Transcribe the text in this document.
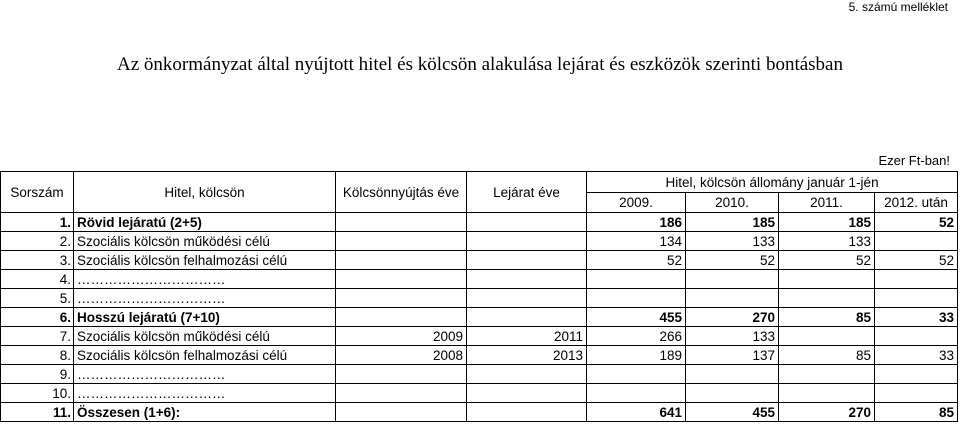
5. számú melléklet
Az önkormányzat által nyújtott hitel és kölcsön alakulása lejárat és eszközök szerinti bontásban
Ezer Ft-ban!
Sorszám	Hitel, kölcsön	Kölcsönnyújtás éve	Lejárat éve	Hitel, kölcsön állomány január 1-jén			
				2009.	2010.	2011.	2012. után
1.	Rövid lejáratú (2+5)			186	185	185	52
2.	Szociális kölcsön működési célú			134	133	133	
3.	Szociális kölcsön felhalmozási célú			52	52	52	52
4.	……………………………						
5.	……………………………						
6.	Hosszú lejáratú (7+10)			455	270	85	33
7.	Szociális kölcsön működési célú	2009	2011	266	133		
8.	Szociális kölcsön felhalmozási célú	2008	2013	189	137	85	33
9.	……………………………						
10.	……………………………						
11.	Összesen (1+6):			641	455	270	85
